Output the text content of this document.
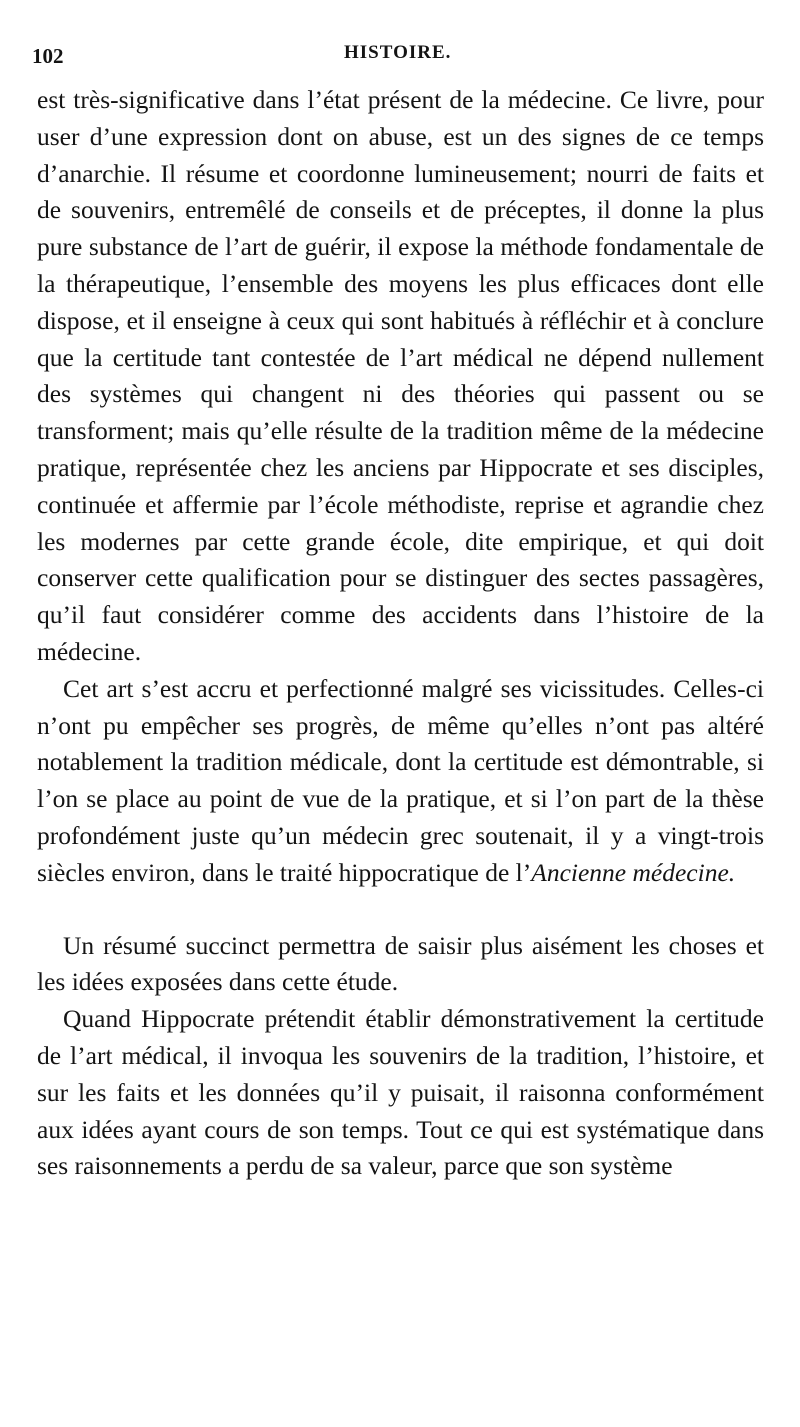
102	HISTOIRE.

est très-significative dans l’état présent de la médecine. Ce livre, pour user d’une expression dont on abuse, est un des signes de ce temps d’anarchie. Il résume et coordonne lumineusement; nourri de faits et de souvenirs, entremêlé de conseils et de préceptes, il donne la plus pure substance de l’art de guérir, il expose la méthode fondamentale de la thérapeutique, l’ensemble des moyens les plus efficaces dont elle dispose, et il enseigne à ceux qui sont habitués à réfléchir et à conclure que la certitude tant contestée de l’art médical ne dépend nullement des systèmes qui changent ni des théories qui passent ou se transforment; mais qu’elle résulte de la tradition même de la médecine pratique, représentée chez les anciens par Hippocrate et ses disciples, continuée et affermie par l’école méthodiste, reprise et agrandie chez les modernes par cette grande école, dite empirique, et qui doit conserver cette qualification pour se distinguer des sectes passagères, qu’il faut considérer comme des accidents dans l’histoire de la médecine.

Cet art s’est accru et perfectionné malgré ses vicissitudes. Celles-ci n’ont pu empêcher ses progrès, de même qu’elles n’ont pas altéré notablement la tradition médicale, dont la certitude est démontrable, si l’on se place au point de vue de la pratique, et si l’on part de la thèse profondément juste qu’un médecin grec soutenait, il y a vingt-trois siècles environ, dans le traité hippocratique de l’Ancienne médecine.

Un résumé succinct permettra de saisir plus aisément les choses et les idées exposées dans cette étude.

Quand Hippocrate prétendit établir démonstrativement la certitude de l’art médical, il invoqua les souvenirs de la tradition, l’histoire, et sur les faits et les données qu’il y puisait, il raisonna conformément aux idées ayant cours de son temps. Tout ce qui est systématique dans ses raisonnements a perdu de sa valeur, parce que son système
